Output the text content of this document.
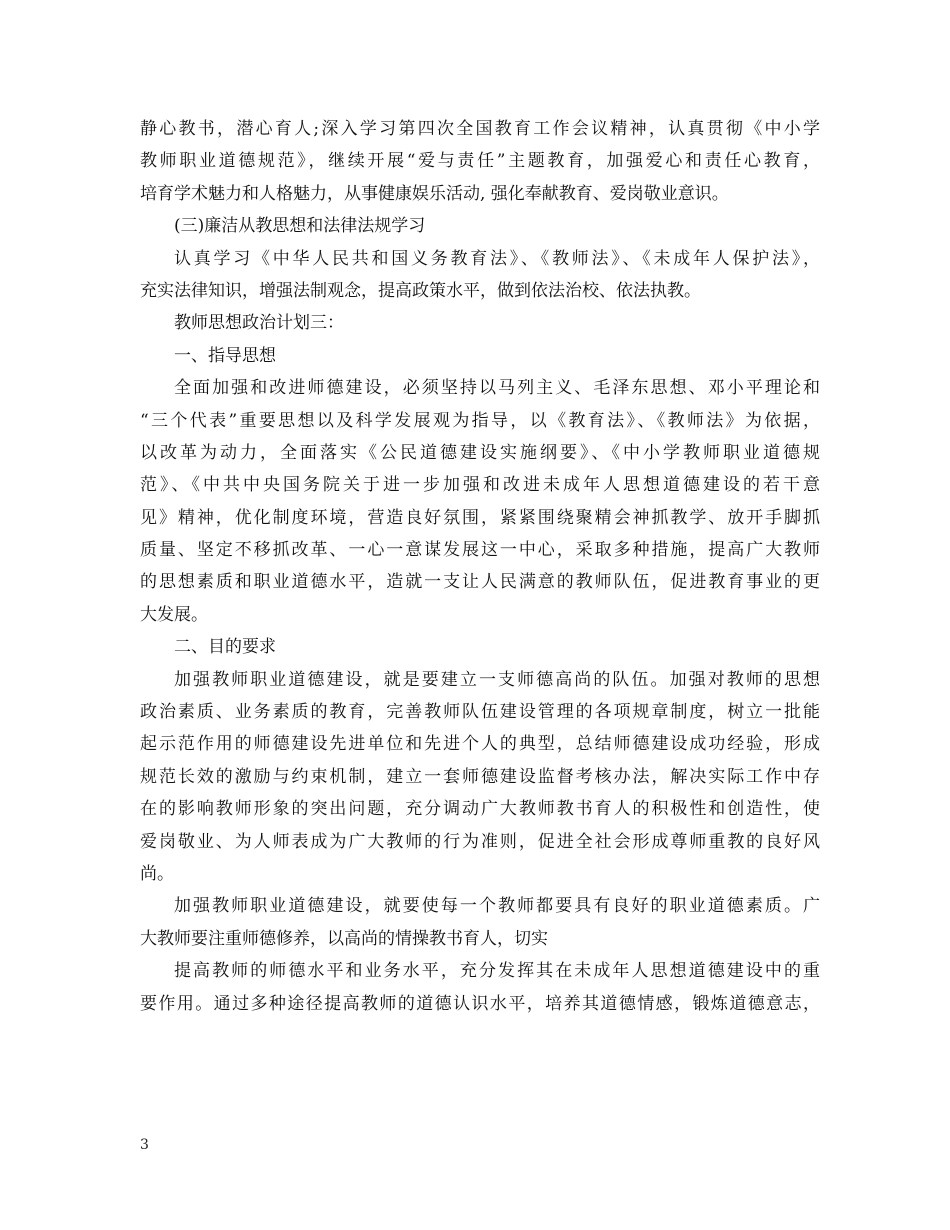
静心教书，潜心育人;深入学习第四次全国教育工作会议精神，认真贯彻《中小学
教师职业道德规范》，继续开展“爱与责任”主题教育，加强爱心和责任心教育，
培育学术魅力和人格魅力，从事健康娱乐活动, 强化奉献教育、爱岗敬业意识。
(三)廉洁从教思想和法律法规学习
认真学习《中华人民共和国义务教育法》、《教师法》、《未成年人保护法》，
充实法律知识，增强法制观念，提高政策水平，做到依法治校、依法执教。
教师思想政治计划三：
一、指导思想
全面加强和改进师德建设，必须坚持以马列主义、毛泽东思想、邓小平理论和
“三个代表”重要思想以及科学发展观为指导，以《教育法》、《教师法》为依据，
以改革为动力，全面落实《公民道德建设实施纲要》、《中小学教师职业道德规
范》、《中共中央国务院关于进一步加强和改进未成年人思想道德建设的若干意
见》精神，优化制度环境，营造良好氛围，紧紧围绕聚精会神抓教学、放开手脚抓
质量、坚定不移抓改革、一心一意谋发展这一中心，采取多种措施，提高广大教师
的思想素质和职业道德水平，造就一支让人民满意的教师队伍，促进教育事业的更
大发展。
二、目的要求
加强教师职业道德建设，就是要建立一支师德高尚的队伍。加强对教师的思想
政治素质、业务素质的教育，完善教师队伍建设管理的各项规章制度，树立一批能
起示范作用的师德建设先进单位和先进个人的典型，总结师德建设成功经验，形成
规范长效的激励与约束机制，建立一套师德建设监督考核办法，解决实际工作中存
在的影响教师形象的突出问题，充分调动广大教师教书育人的积极性和创造性，使
爱岗敬业、为人师表成为广大教师的行为准则，促进全社会形成尊师重教的良好风
尚。
加强教师职业道德建设，就要使每一个教师都要具有良好的职业道德素质。广
大教师要注重师德修养，以高尚的情操教书育人，切实
提高教师的师德水平和业务水平，充分发挥其在未成年人思想道德建设中的重
要作用。通过多种途径提高教师的道德认识水平，培养其道德情感，锻炼道德意志，
3
